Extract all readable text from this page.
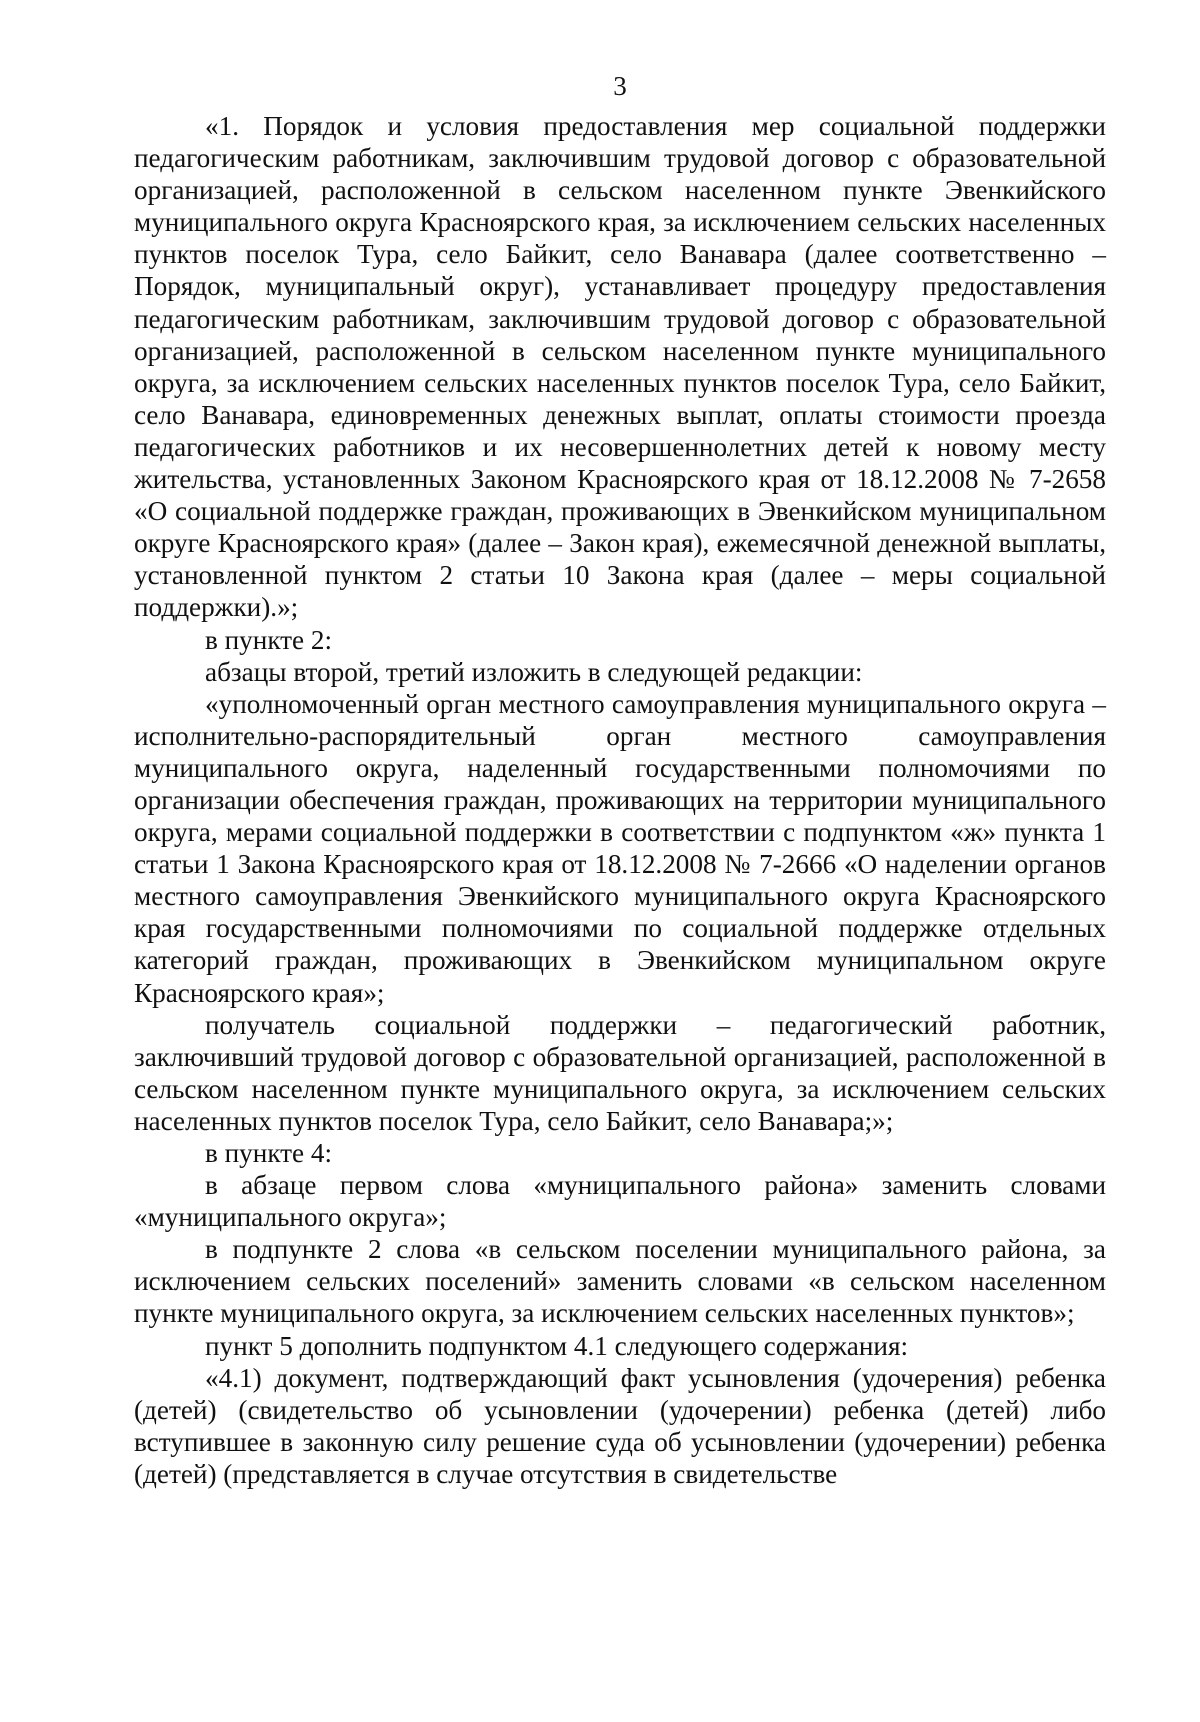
3

«1. Порядок и условия предоставления мер социальной поддержки педагогическим работникам, заключившим трудовой договор с образовательной организацией, расположенной в сельском населенном пункте Эвенкийского муниципального округа Красноярского края, за исключением сельских населенных пунктов поселок Тура, село Байкит, село Ванавара (далее соответственно – Порядок, муниципальный округ), устанавливает процедуру предоставления педагогическим работникам, заключившим трудовой договор с образовательной организацией, расположенной в сельском населенном пункте муниципального округа, за исключением сельских населенных пунктов поселок Тура, село Байкит, село Ванавара, единовременных денежных выплат, оплаты стоимости проезда педагогических работников и их несовершеннолетних детей к новому месту жительства, установленных Законом Красноярского края от 18.12.2008 № 7-2658 «О социальной поддержке граждан, проживающих в Эвенкийском муниципальном округе Красноярского края» (далее – Закон края), ежемесячной денежной выплаты, установленной пунктом 2 статьи 10 Закона края (далее – меры социальной поддержки).»;

в пункте 2:

абзацы второй, третий изложить в следующей редакции:

«уполномоченный орган местного самоуправления муниципального округа – исполнительно-распорядительный орган местного самоуправления муниципального округа, наделенный государственными полномочиями по организации обеспечения граждан, проживающих на территории муниципального округа, мерами социальной поддержки в соответствии с подпунктом «ж» пункта 1 статьи 1 Закона Красноярского края от 18.12.2008 № 7-2666 «О наделении органов местного самоуправления Эвенкийского муниципального округа Красноярского края государственными полномочиями по социальной поддержке отдельных категорий граждан, проживающих в Эвенкийском муниципальном округе Красноярского края»;

получатель социальной поддержки – педагогический работник, заключивший трудовой договор с образовательной организацией, расположенной в сельском населенном пункте муниципального округа, за исключением сельских населенных пунктов поселок Тура, село Байкит, село Ванавара;»;

в пункте 4:

в абзаце первом слова «муниципального района» заменить словами «муниципального округа»;

в подпункте 2 слова «в сельском поселении муниципального района, за исключением сельских поселений» заменить словами «в сельском населенном пункте муниципального округа, за исключением сельских населенных пунктов»;

пункт 5 дополнить подпунктом 4.1 следующего содержания:

«4.1) документ, подтверждающий факт усыновления (удочерения) ребенка (детей) (свидетельство об усыновлении (удочерении) ребенка (детей) либо вступившее в законную силу решение суда об усыновлении (удочерении) ребенка (детей) (представляется в случае отсутствия в свидетельстве
